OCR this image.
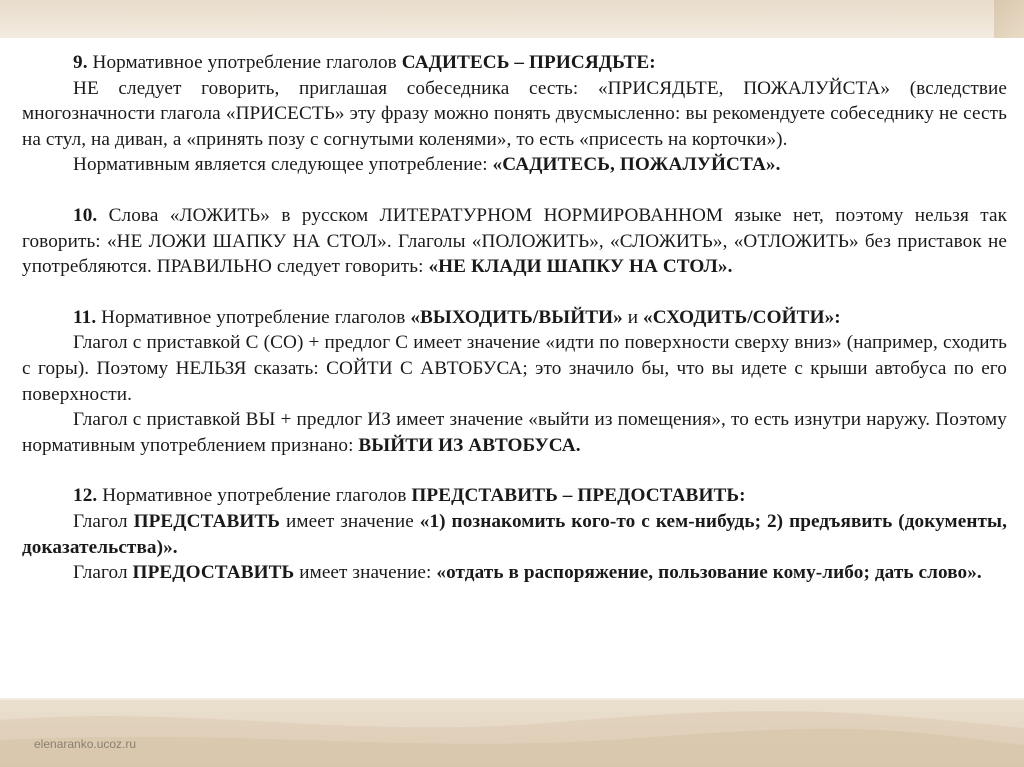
9. Нормативное употребление глаголов САДИТЕСЬ – ПРИСЯДЬТЕ:

НЕ следует говорить, приглашая собеседника сесть: «ПРИСЯДЬТЕ, ПОЖАЛУЙСТА» (вследствие многозначности глагола «ПРИСЕСТЬ» эту фразу можно понять двусмысленно: вы рекомендуете собеседнику не сесть на стул, на диван, а «принять позу с согнутыми коленями», то есть «присесть на корточки»).

Нормативным является следующее употребление: «САДИТЕСЬ, ПОЖАЛУЙСТА».

10. Слова «ЛОЖИТЬ» в русском ЛИТЕРАТУРНОМ НОРМИРОВАННОМ языке нет, поэтому нельзя так говорить: «НЕ ЛОЖИ ШАПКУ НА СТОЛ». Глаголы «ПОЛОЖИТЬ», «СЛОЖИТЬ», «ОТЛОЖИТЬ» без приставок не употребляются. ПРАВИЛЬНО следует говорить: «НЕ КЛАДИ ШАПКУ НА СТОЛ».

11. Нормативное употребление глаголов «ВЫХОДИТЬ/ВЫЙТИ» и «СХОДИТЬ/СОЙТИ»:

Глагол с приставкой С (СО) + предлог С имеет значение «идти по поверхности сверху вниз» (например, сходить с горы). Поэтому НЕЛЬЗЯ сказать: СОЙТИ С АВТОБУСА; это значило бы, что вы идете с крыши автобуса по его поверхности.

Глагол с приставкой ВЫ + предлог ИЗ имеет значение «выйти из помещения», то есть изнутри наружу. Поэтому нормативным употреблением признано: ВЫЙТИ ИЗ АВТОБУСА.

12. Нормативное употребление глаголов ПРЕДСТАВИТЬ – ПРЕДОСТАВИТЬ:

Глагол ПРЕДСТАВИТЬ имеет значение «1) познакомить кого-то с кем-нибудь; 2) предъявить (документы, доказательства)».

Глагол ПРЕДОСТАВИТЬ имеет значение: «отдать в распоряжение, пользование кому-либо; дать слово».

elenaranko.ucoz.ru
